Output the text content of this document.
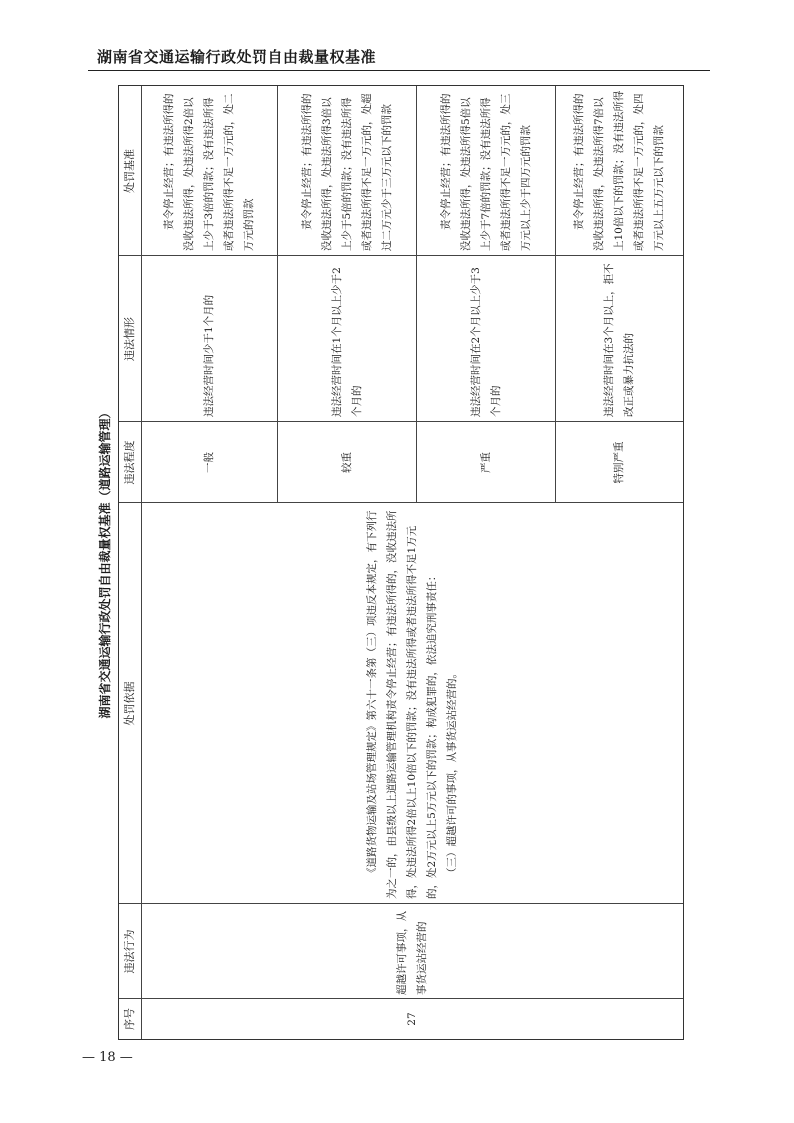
湖南省交通运输行政处罚自由裁量权基准
湖南省交通运输行政处罚自由裁量权基准（道路运输管理）
序号
违法行为
处罚依据
违法程度
违法情形
处罚基准
27
超越许可事项，从事货运站经营的
《道路货物运输及站场管理规定》第六十一条第（三）项违反本规定，有下列行为之一的，由县级以上道路运输管理机构责令停止经营；有违法所得的，没收违法所得，处违法所得2倍以上10倍以下的罚款；没有违法所得或者违法所得不足1万元的，处2万元以上5万元以下的罚款；构成犯罪的，依法追究刑事责任： （三）超越许可的事项，从事货运站经营的。
一般
违法经营时间少于1个月的
责令停止经营；有违法所得的没收违法所得，处违法所得2倍以上少于3倍的罚款；没有违法所得或者违法所得不足一万元的，处二万元的罚款
较重
违法经营时间在1个月以上少于2个月的
责令停止经营；有违法所得的没收违法所得，处违法所得3倍以上少于5倍的罚款；没有违法所得或者违法所得不足一万元的，处超过二万元少于三万元以下的罚款
严重
违法经营时间在2个月以上少于3个月的
责令停止经营；有违法所得的没收违法所得，处违法所得5倍以上少于7倍的罚款；没有违法所得或者违法所得不足一万元的，处三万元以上少于四万元的罚款
特别严重
违法经营时间在3个月以上，拒不改正或暴力抗法的
责令停止经营；有违法所得的没收违法所得，处违法所得7倍以上10倍以下的罚款；没有违法所得或者违法所得不足一万元的，处四万元以上五万元以下的罚款
— 18 —
